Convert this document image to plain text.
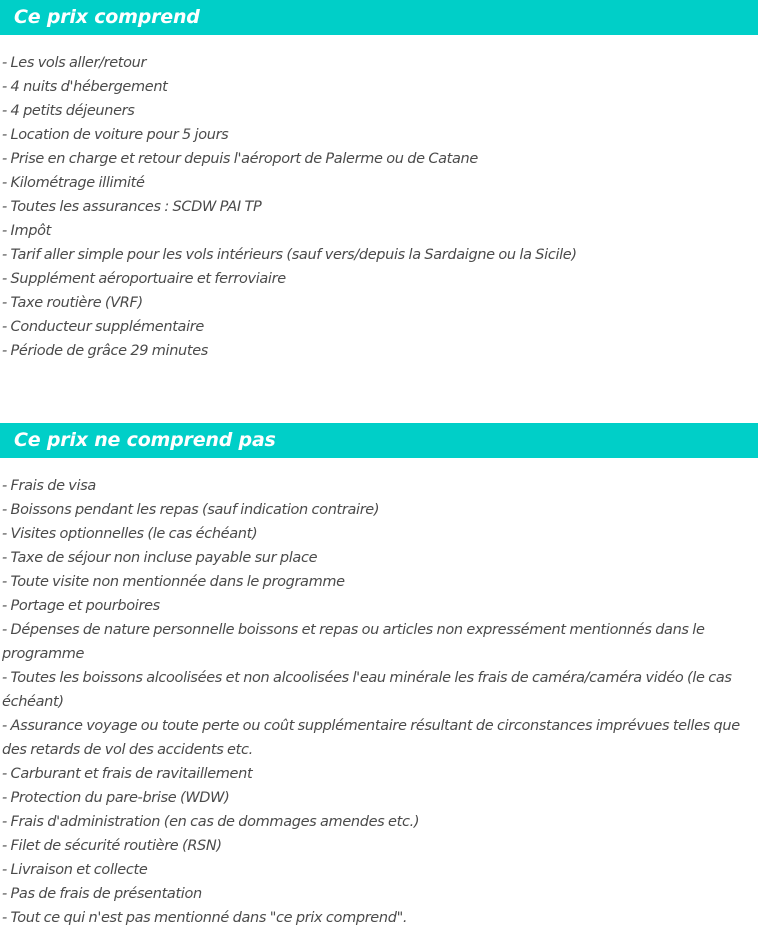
Ce prix comprend
- Les vols aller/retour
- 4 nuits d'hébergement
- 4 petits déjeuners
- Location de voiture pour 5 jours
- Prise en charge et retour depuis l'aéroport de Palerme ou de Catane
- Kilométrage illimité
- Toutes les assurances : SCDW PAI TP
- Impôt
- Tarif aller simple pour les vols intérieurs (sauf vers/depuis la Sardaigne ou la Sicile)
- Supplément aéroportuaire et ferroviaire
- Taxe routière (VRF)
- Conducteur supplémentaire
- Période de grâce 29 minutes
Ce prix ne comprend pas
- Frais de visa
- Boissons pendant les repas (sauf indication contraire)
- Visites optionnelles (le cas échéant)
- Taxe de séjour non incluse payable sur place
- Toute visite non mentionnée dans le programme
- Portage et pourboires
- Dépenses de nature personnelle boissons et repas ou articles non expressément mentionnés dans le programme
- Toutes les boissons alcoolisées et non alcoolisées l'eau minérale les frais de caméra/caméra vidéo (le cas échéant)
- Assurance voyage ou toute perte ou coût supplémentaire résultant de circonstances imprévues telles que des retards de vol des accidents etc.
- Carburant et frais de ravitaillement
- Protection du pare-brise (WDW)
- Frais d'administration (en cas de dommages amendes etc.)
- Filet de sécurité routière (RSN)
- Livraison et collecte
- Pas de frais de présentation
- Tout ce qui n'est pas mentionné dans "ce prix comprend".
